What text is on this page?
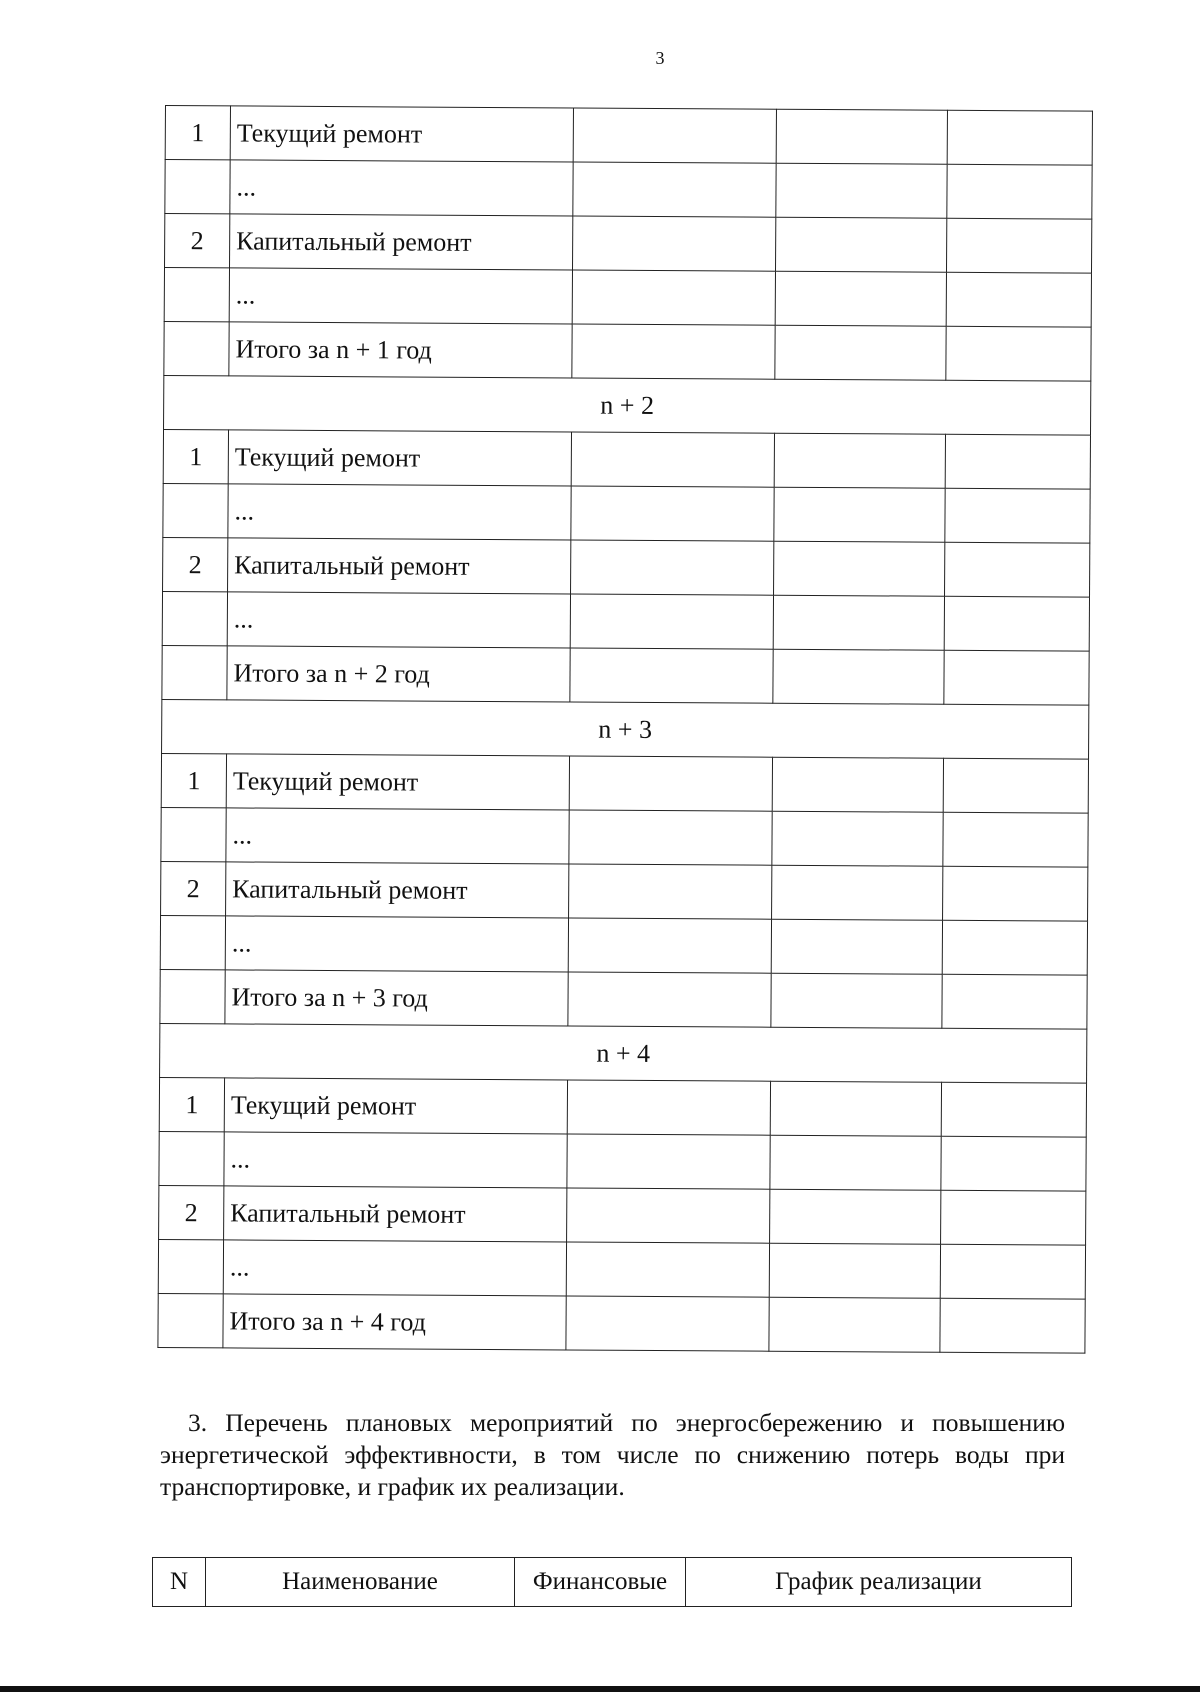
3
1	Текущий ремонт			
	...			
2	Капитальный ремонт			
	...			
	Итого за n + 1 год			
n + 2				
1	Текущий ремонт			
	...			
2	Капитальный ремонт			
	...			
	Итого за n + 2 год			
n + 3				
1	Текущий ремонт			
	...			
2	Капитальный ремонт			
	...			
	Итого за n + 3 год			
n + 4				
1	Текущий ремонт			
	...			
2	Капитальный ремонт			
	...			
	Итого за n + 4 год			
3. Перечень плановых мероприятий по энергосбережению и повышению энергетической эффективности, в том числе по снижению потерь воды при транспортировке, и график их реализации.
N	Наименование	Финансовые	График реализации
